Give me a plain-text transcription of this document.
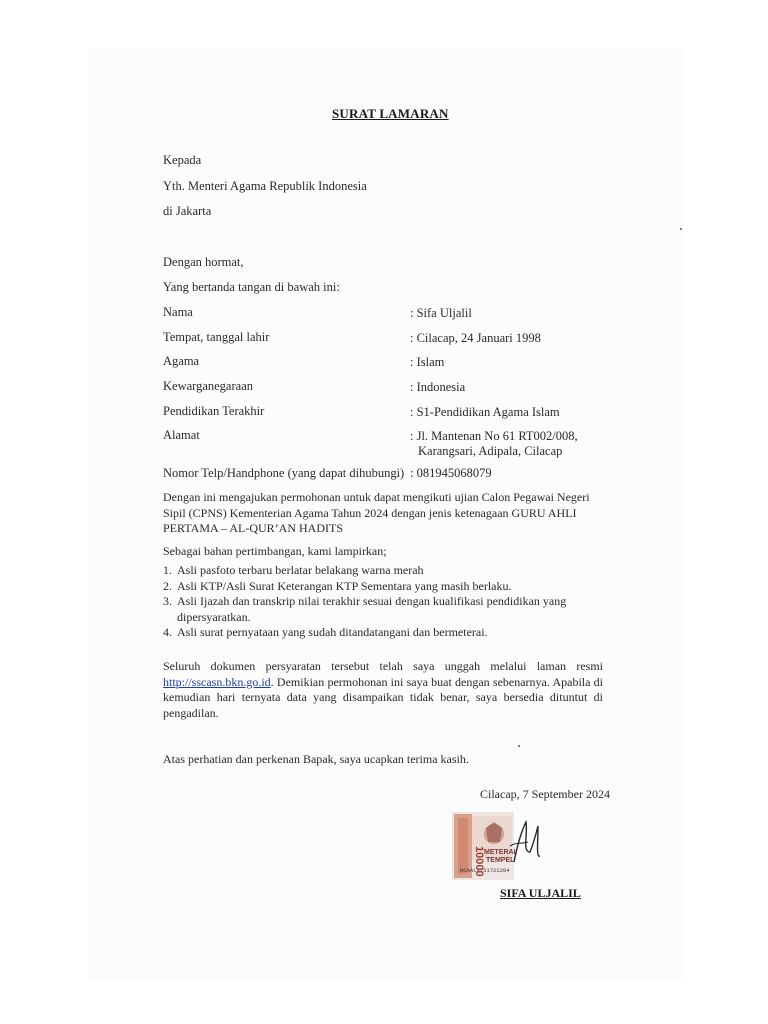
SURAT LAMARAN
Kepada
Yth. Menteri Agama Republik Indonesia
di Jakarta
Dengan hormat,
Yang bertanda tangan di bawah ini:
Nama	: Sifa Uljalil
Tempat, tanggal lahir	: Cilacap, 24 Januari 1998
Agama	: Islam
Kewarganegaraan	: Indonesia
Pendidikan Terakhir	: S1-Pendidikan Agama Islam
Alamat	: Jl. Mantenan No 61 RT002/008,
Karangsari, Adipala, Cilacap
Nomor Telp/Handphone (yang dapat dihubungi) : 081945068079
Dengan ini mengajukan permohonan untuk dapat mengikuti ujian Calon Pegawai Negeri Sipil (CPNS) Kementerian Agama Tahun 2024 dengan jenis ketenagaan GURU AHLI PERTAMA – AL-QUR’AN HADITS
Sebagai bahan pertimbangan, kami lampirkan;
1. Asli pasfoto terbaru berlatar belakang warna merah
2. Asli KTP/Asli Surat Keterangan KTP Sementara yang masih berlaku.
3. Asli Ijazah dan transkrip nilai terakhir sesuai dengan kualifikasi pendidikan yang dipersyaratkan.
4. Asli surat pernyataan yang sudah ditandatangani dan bermeterai.
Seluruh dokumen persyaratan tersebut telah saya unggah melalui laman resmi http://sscasn.bkn.go.id. Demikian permohonan ini saya buat dengan sebenarnya. Apabila di kemudian hari ternyata data yang disampaikan tidak benar, saya bersedia dituntut di pengadilan.
Atas perhatian dan perkenan Bapak, saya ucapkan terima kasih.
Cilacap, 7 September 2024
METERAI
TEMPEL
NCAALX151721284
10000
SIFA ULJALIL
